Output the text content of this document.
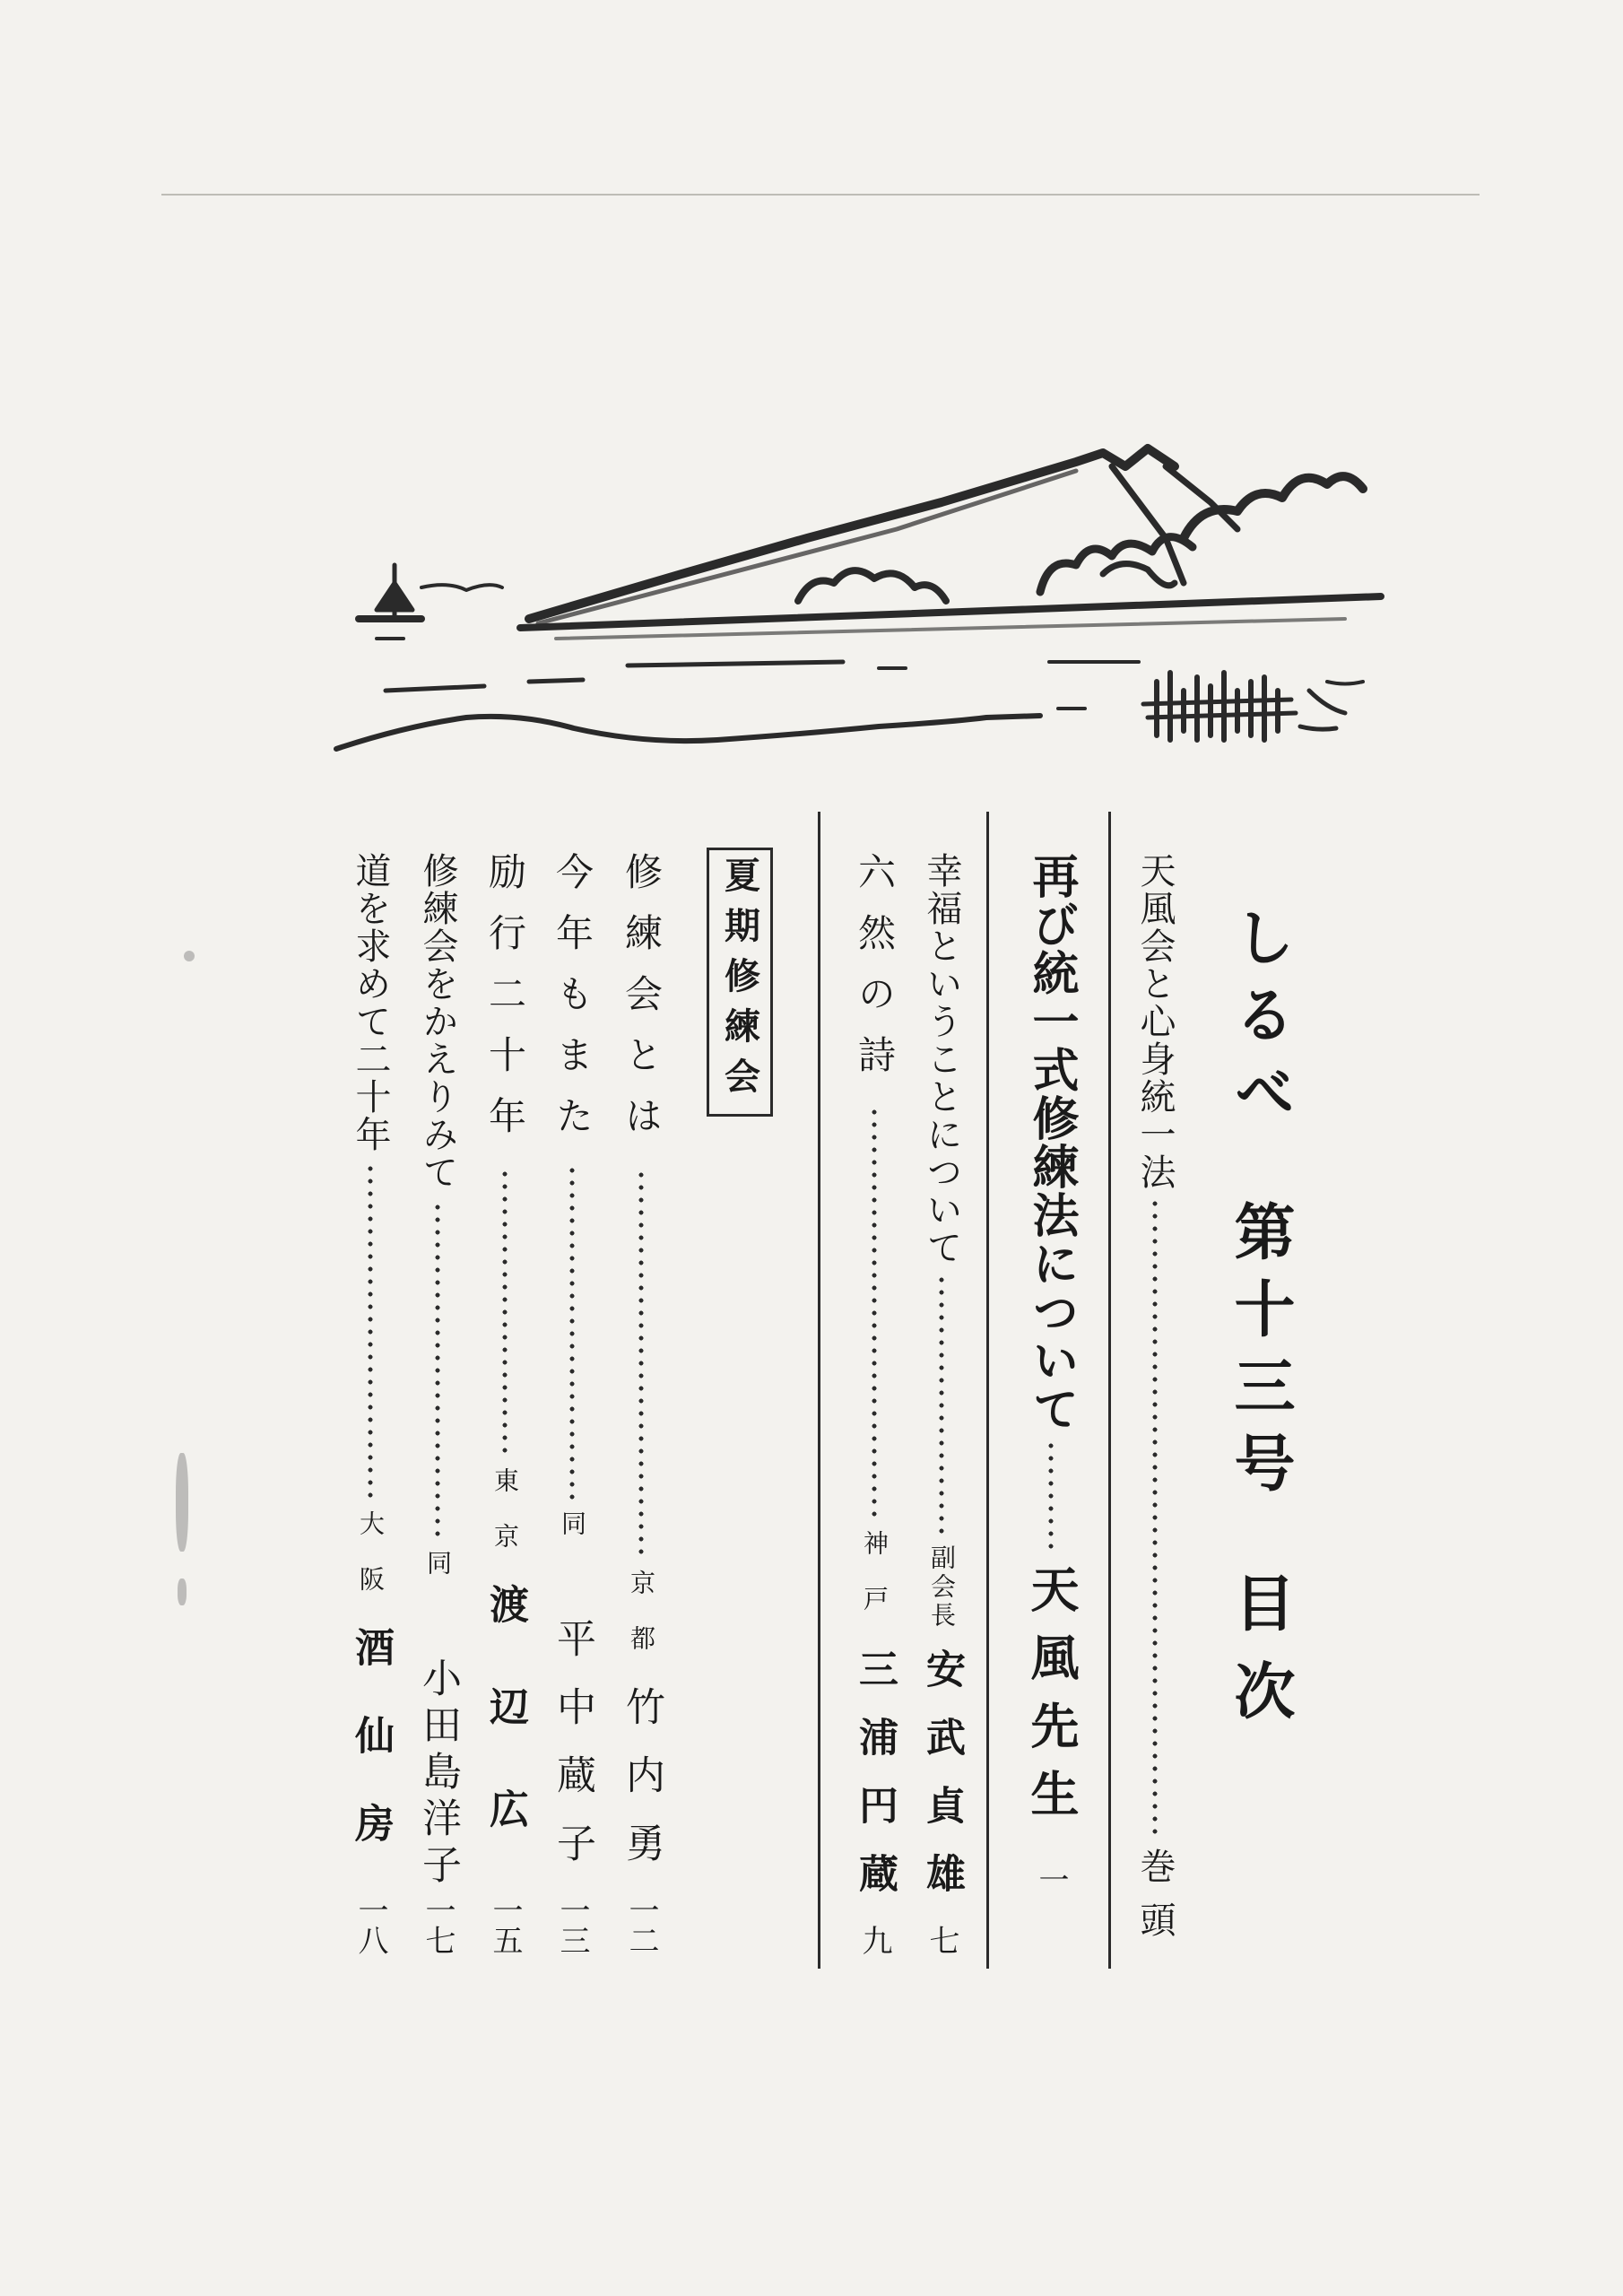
しるべ第十三号目次
天風会と心身統一法
巻頭
再び統一式修練法について
天風先生
一
幸福ということについて
副会長
安武貞雄
七
六然の詩
神戸
三浦円蔵
九
夏期修練会
修練会とは
京都
竹内勇
一二
今年もまた
同
平中蔵子
一三
励行二十年
東京
渡辺広
一五
修練会をかえりみて
同
小田島洋子
一七
道を求めて二十年
大阪
酒仙房
一八
